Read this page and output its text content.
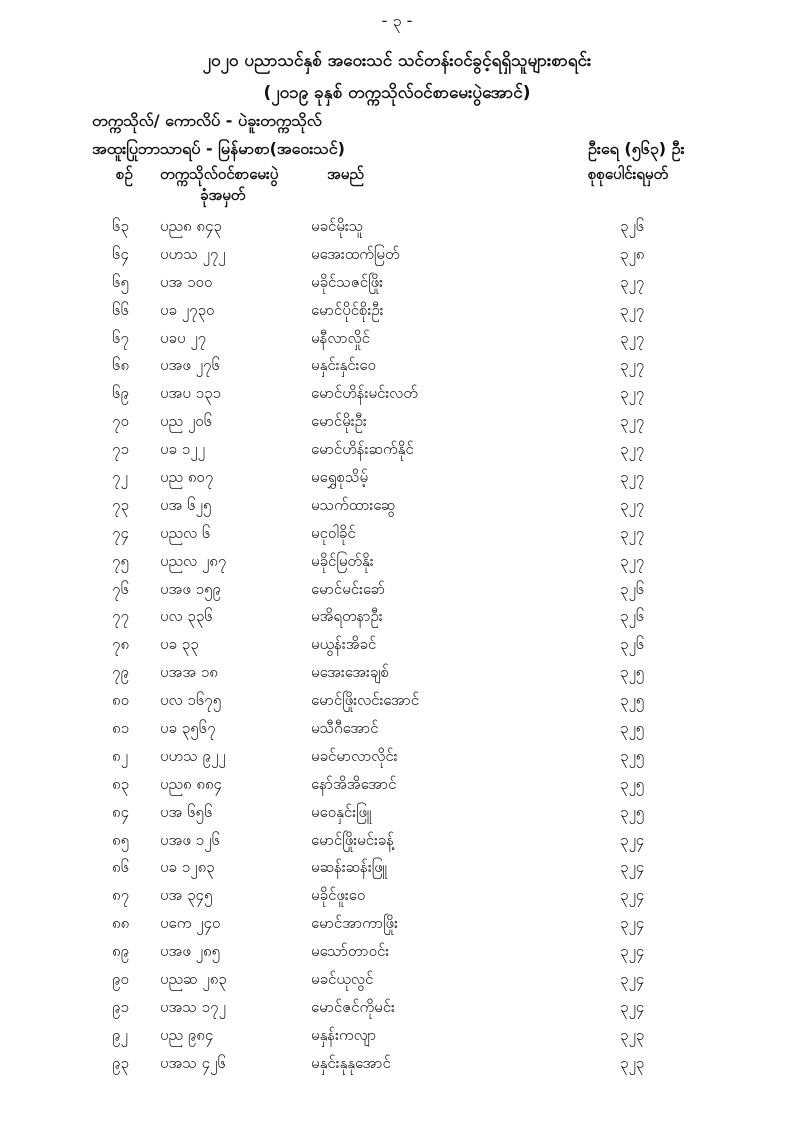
- ၃ -
၂၀၂၀ ပညာသင်နှစ် အဝေးသင် သင်တန်းဝင်ခွင့်ရရှိသူများစာရင်း
(၂၀၁၉ ခုနှစ် တက္ကသိုလ်ဝင်စာမေးပွဲအောင်)
တက္ကသိုလ်/ ကောလိပ် - ပဲခူးတက္ကသိုလ်
အထူးပြုဘာသာရပ် - မြန်မာစာ(အဝေးသင်)	ဦးရေ (၅၆၃) ဦး
စဉ် တက္ကသိုလ်ဝင်စာမေးပွဲ
ခုံအမှတ်
အမည်	စုစုပေါင်းရမှတ်
၆၃ ပည၈ ၈၄၃	မခင်မိုးသူ	၃၂၆
၆၄ ပဟသ ၂၇၂	မအေးထက်မြတ်	၃၂၈
၆၅ ပအ ၁၀၀	မခိုင်သဇင်ဖြိုး	၃၂၇
၆၆ ပခ ၂၇၃၀	မောင်ပိုင်စိုးဦး	၃၂၇
၆၇ ပခပ ၂၇	မနီလာလှိုင်	၃၂၇
၆၈ ပအဖ ၂၇၆	မနှင်းနှင်းဝေ	၃၂၇
၆၉ ပအပ ၁၃၁	မောင်ဟိန်းမင်းလတ်	၃၂၇
၇၀ ပည ၂၀၆	မောင်မိုးဦး	၃၂၇
၇၁ ပခ ၁၂၂	မောင်ဟိန်းဆက်နိုင်	၃၂၇
၇၂ ပည ၈၀၇	မရွှေစုသိမ့်	၃၂၇
၇၃ ပအ ၆၂၅	မသက်ထားဆွေ	၃၂၇
၇၄ ပညလ ၆	မငုဝါခိုင်	၃၂၇
၇၅ ပညလ ၂၈၇	မခိုင်မြတ်နိုး	၃၂၇
၇၆ ပအဖ ၁၅၉	မောင်မင်းခော်	၃၂၆
၇၇ ပလ ၃၃၆	မအိရတနာဦး	၃၂၆
၇၈ ပခ ၃၃	မယွန်းအိခင်	၃၂၆
၇၉ ပအအ ၁၈	မအေးအေးချစ်	၃၂၅
၈၀ ပလ ၁၆၇၅	မောင်ဖြိုးလင်းအောင်	၃၂၅
၈၁ ပခ ၃၅၆၇	မသီဂီအောင်	၃၂၅
၈၂ ပဟသ ၉၂၂	မခင်မာလာလိုင်း	၃၂၅
၈၃ ပည၈ ၈၈၄	နော်အိအိအောင်	၃၂၅
၈၄ ပအ ၆၅၆	မဝေနှင်းဖြူ	၃၂၅
၈၅ ပအဖ ၁၂၆	မောင်ဖြိုးမင်းခန့်	၃၂၄
၈၆ ပခ ၁၂၈၃	မဆန်းဆန်းဖြူ	၃၂၄
၈၇ ပအ ၃၄၅	မခိုင်ဖူးဝေ	၃၂၄
၈၈ ပကေ ၂၄၀	မောင်အာကာဖြိုး	၃၂၄
၈၉ ပအဖ ၂၈၅	မသော်တာဝင်း	၃၂၄
၉၀ ပညဆ ၂၈၃	မခင်ယုလွင်	၃၂၄
၉၁ ပအသ ၁၇၂	မောင်ဇင်ကိုမင်း	၃၂၄
၉၂ ပည ၉၈၄	မနှန်းကလျာ	၃၂၃
၉၃ ပအသ ၄၂၆	မနှင်းနုနုအောင်	၃၂၃
